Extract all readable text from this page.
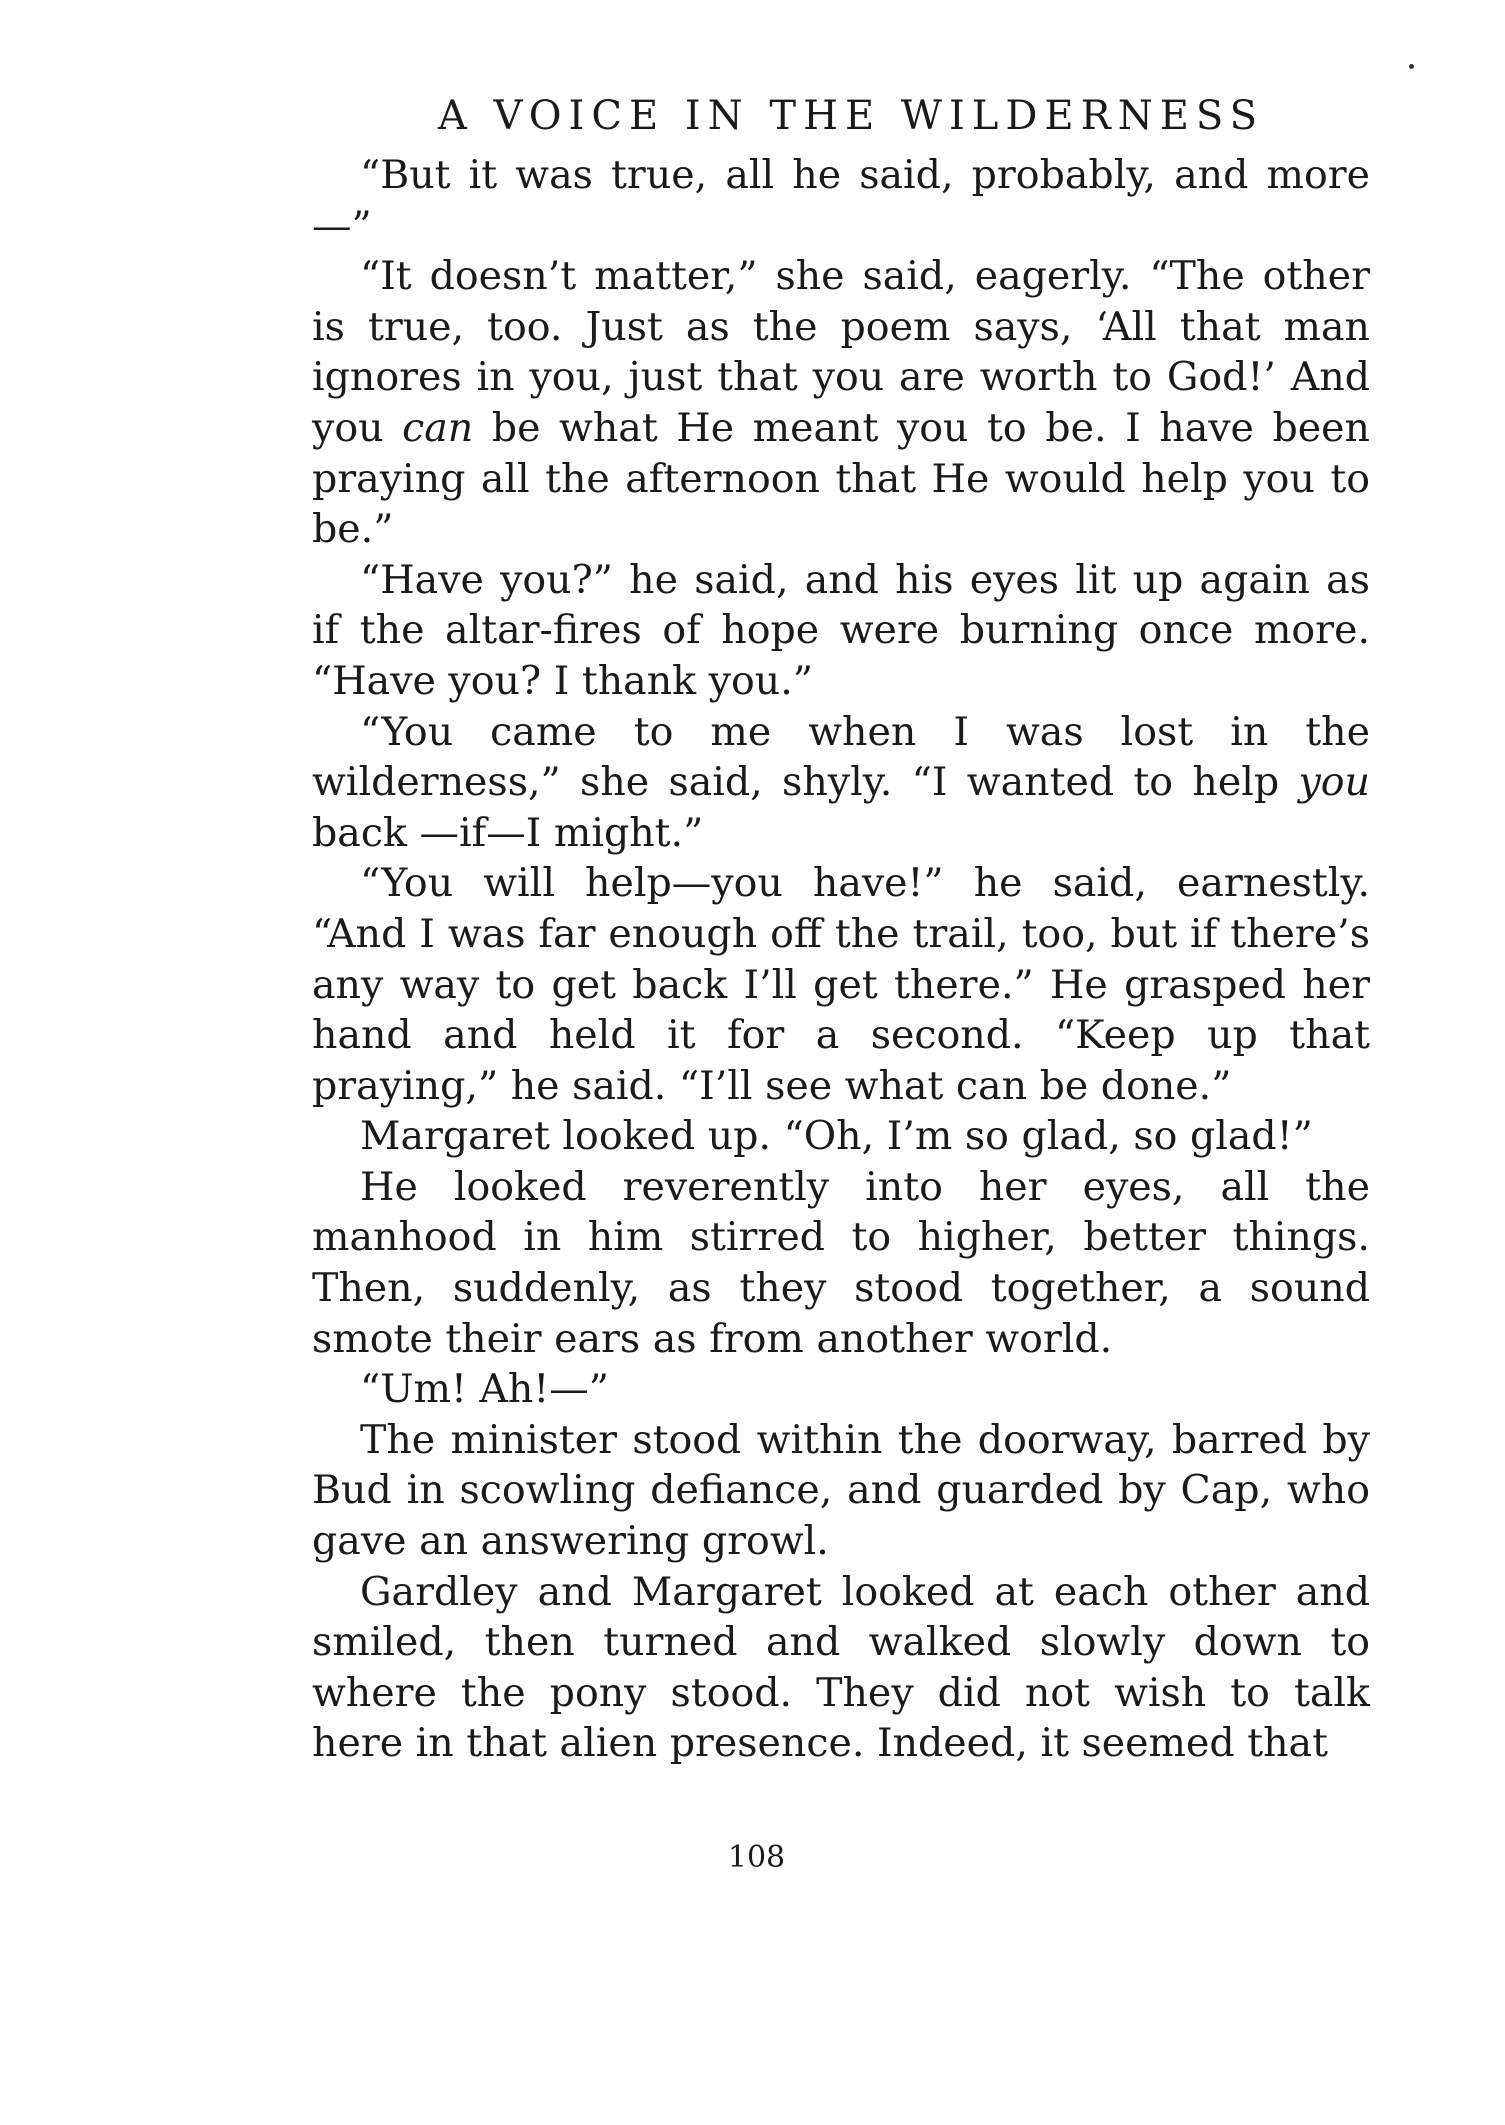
A VOICE IN THE WILDERNESS

“But it was true, all he said, probably, and more—”

“It doesn’t matter,” she said, eagerly. “The other is true, too. Just as the poem says, ‘All that man ignores in you, just that you are worth to God!’ And you can be what He meant you to be. I have been praying all the afternoon that He would help you to be.”

“Have you?” he said, and his eyes lit up again as if the altar-fires of hope were burning once more. “Have you? I thank you.”

“You came to me when I was lost in the wilderness,” she said, shyly. “I wanted to help you back —if—I might.”

“You will help—you have!” he said, earnestly. “And I was far enough off the trail, too, but if there’s any way to get back I’ll get there.” He grasped her hand and held it for a second. “Keep up that praying,” he said. “I’ll see what can be done.”

Margaret looked up. “Oh, I’m so glad, so glad!”

He looked reverently into her eyes, all the manhood in him stirred to higher, better things. Then, suddenly, as they stood together, a sound smote their ears as from another world.

“Um! Ah!—”

The minister stood within the doorway, barred by Bud in scowling defiance, and guarded by Cap, who gave an answering growl.

Gardley and Margaret looked at each other and smiled, then turned and walked slowly down to where the pony stood. They did not wish to talk here in that alien presence. Indeed, it seemed that

108
